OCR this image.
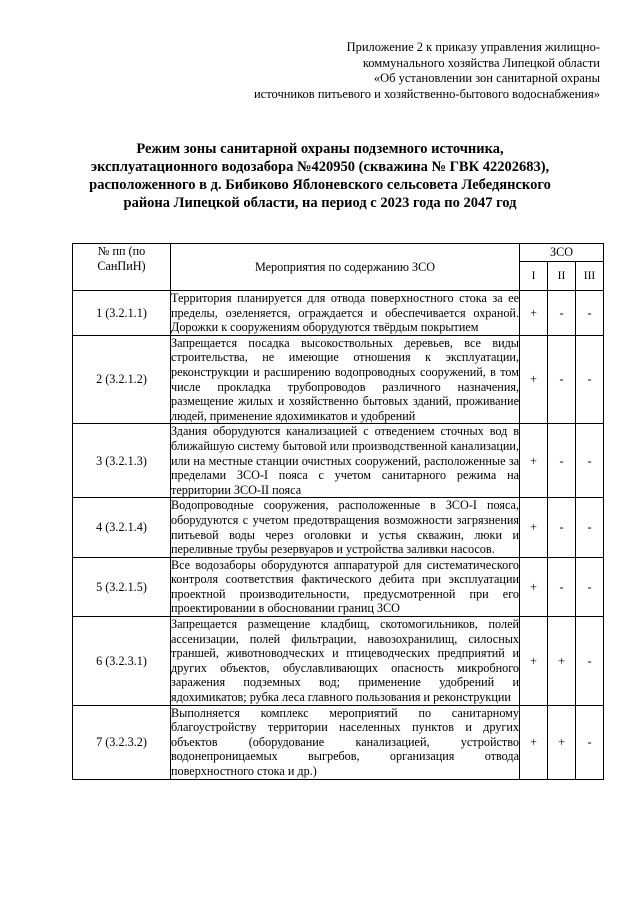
Приложение 2 к приказу управления жилищно-
коммунального хозяйства Липецкой области
«Об установлении зон санитарной охраны
источников питьевого и хозяйственно-бытового водоснабжения»
Режим зоны санитарной охраны подземного источника,
эксплуатационного водозабора №420950 (скважина № ГВК 42202683),
расположенного в д. Бибиково Яблоневского сельсовета Лебедянского
района Липецкой области, на период с 2023 года по 2047 год
№ пп (по СанПиН)	Мероприятия по содержанию ЗСО	ЗСО		
		I	II	III
1 (3.2.1.1)	Территория планируется для отвода поверхностного стока за ее пределы, озеленяется, ограждается и обеспечивается охраной. Дорожки к сооружениям оборудуются твёрдым покрытием	+	-	-
2 (3.2.1.2)	Запрещается посадка высокоствольных деревьев, все виды строительства, не имеющие отношения к эксплуатации, реконструкции и расширению водопроводных сооружений, в том числе прокладка трубопроводов различного назначения, размещение жилых и хозяйственно бытовых зданий, проживание людей, применение ядохимикатов и удобрений	+	-	-
3 (3.2.1.3)	Здания оборудуются канализацией с отведением сточных вод в ближайшую систему бытовой или производственной канализации, или на местные станции очистных сооружений, расположенные за пределами ЗСО-I пояса с учетом санитарного режима на территории ЗСО-II пояса	+	-	-
4 (3.2.1.4)	Водопроводные сооружения, расположенные в ЗСО-I пояса, оборудуются с учетом предотвращения возможности загрязнения питьевой воды через оголовки и устья скважин, люки и переливные трубы резервуаров и устройства заливки насосов.	+	-	-
5 (3.2.1.5)	Все водозаборы оборудуются аппаратурой для систематического контроля соответствия фактического дебита при эксплуатации проектной производительности, предусмотренной при его проектировании в обосновании границ ЗСО	+	-	-
6 (3.2.3.1)	Запрещается размещение кладбищ, скотомогильников, полей ассенизации, полей фильтрации, навозохранилищ, силосных траншей, животноводческих и птицеводческих предприятий и других объектов, обуславливающих опасность микробного заражения подземных вод; применение удобрений и ядохимикатов; рубка леса главного пользования и реконструкции	+	+	-
7 (3.2.3.2)	Выполняется комплекс мероприятий по санитарному благоустройству территории населенных пунктов и других объектов (оборудование канализацией, устройство водонепроницаемых выгребов, организация отвода поверхностного стока и др.)	+	+	-
